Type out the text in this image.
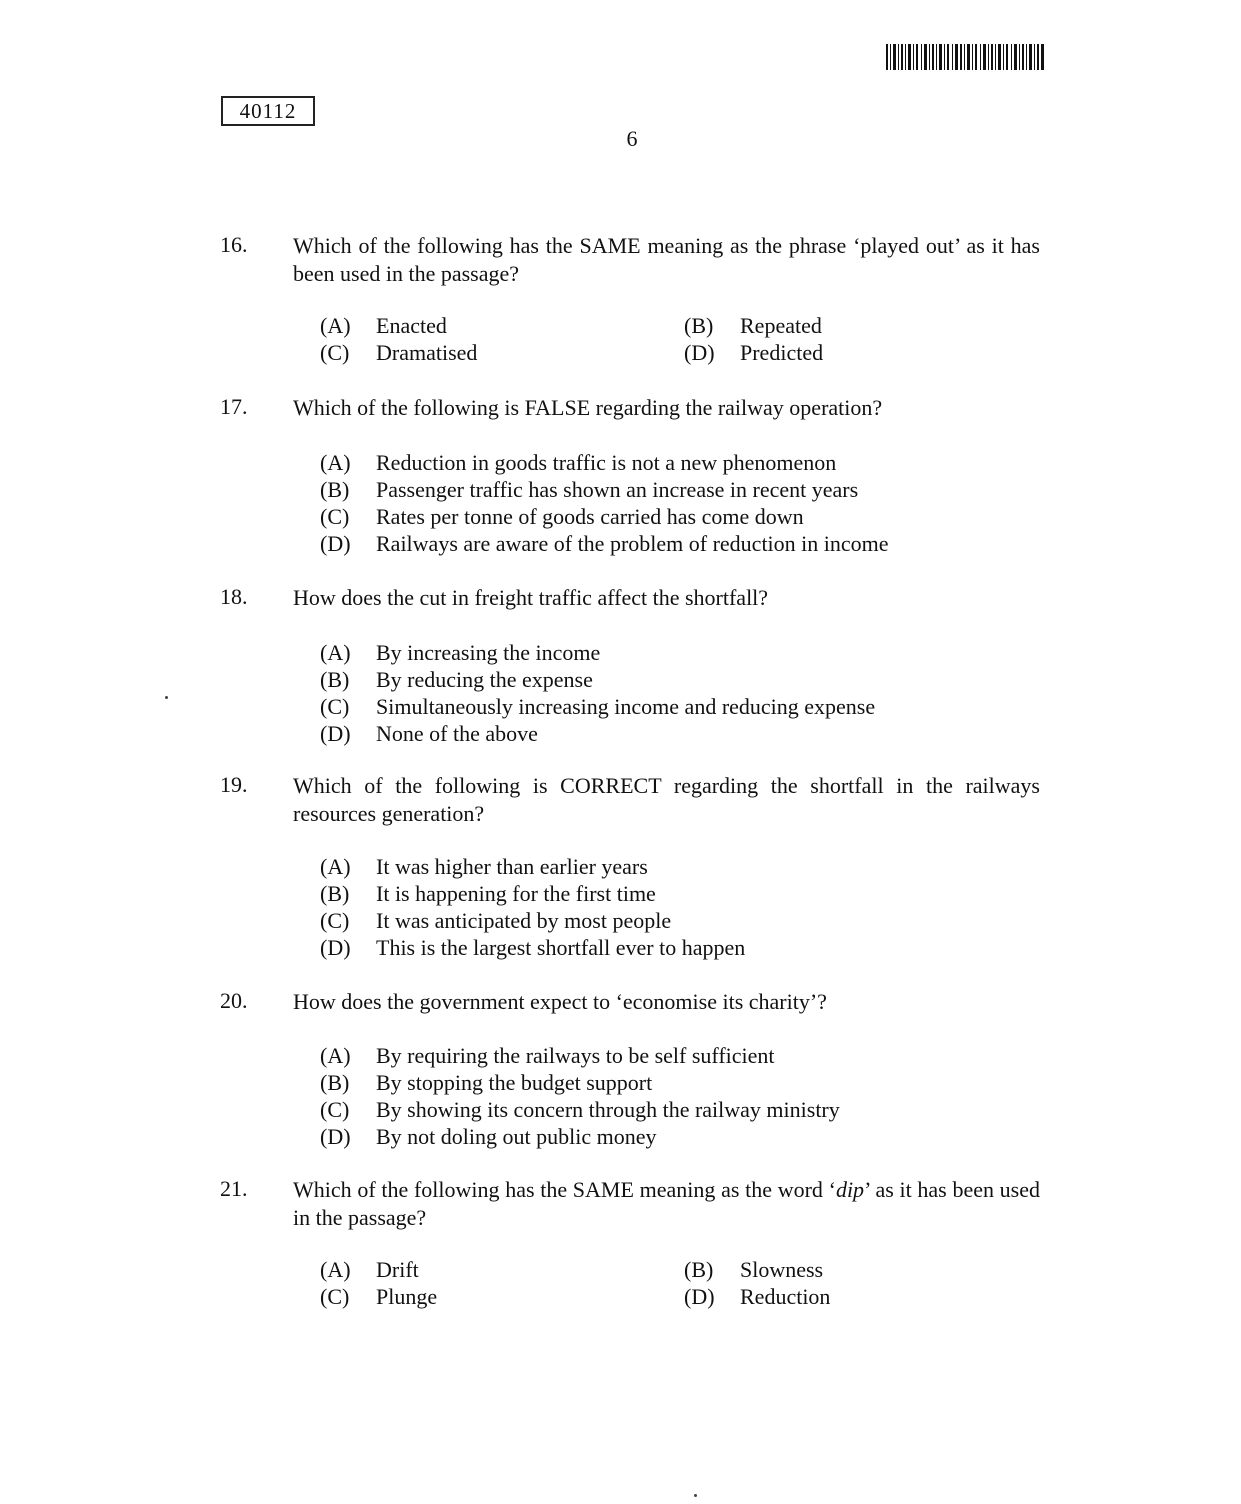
40112
6
16.	Which of the following has the SAME meaning as the phrase ‘played out’ as it has been used in the passage?
(A) Enacted	(B) Repeated
(C) Dramatised	(D) Predicted
17.	Which of the following is FALSE regarding the railway operation?
(A) Reduction in goods traffic is not a new phenomenon
(B) Passenger traffic has shown an increase in recent years
(C) Rates per tonne of goods carried has come down
(D) Railways are aware of the problem of reduction in income
18.	How does the cut in freight traffic affect the shortfall?
(A) By increasing the income
(B) By reducing the expense
(C) Simultaneously increasing income and reducing expense
(D) None of the above
19.	Which of the following is CORRECT regarding the shortfall in the railways resources generation?
(A) It was higher than earlier years
(B) It is happening for the first time
(C) It was anticipated by most people
(D) This is the largest shortfall ever to happen
20.	How does the government expect to ‘economise its charity’?
(A) By requiring the railways to be self sufficient
(B) By stopping the budget support
(C) By showing its concern through the railway ministry
(D) By not doling out public money
21.	Which of the following has the SAME meaning as the word ‘dip’ as it has been used in the passage?
(A) Drift	(B) Slowness
(C) Plunge	(D) Reduction
